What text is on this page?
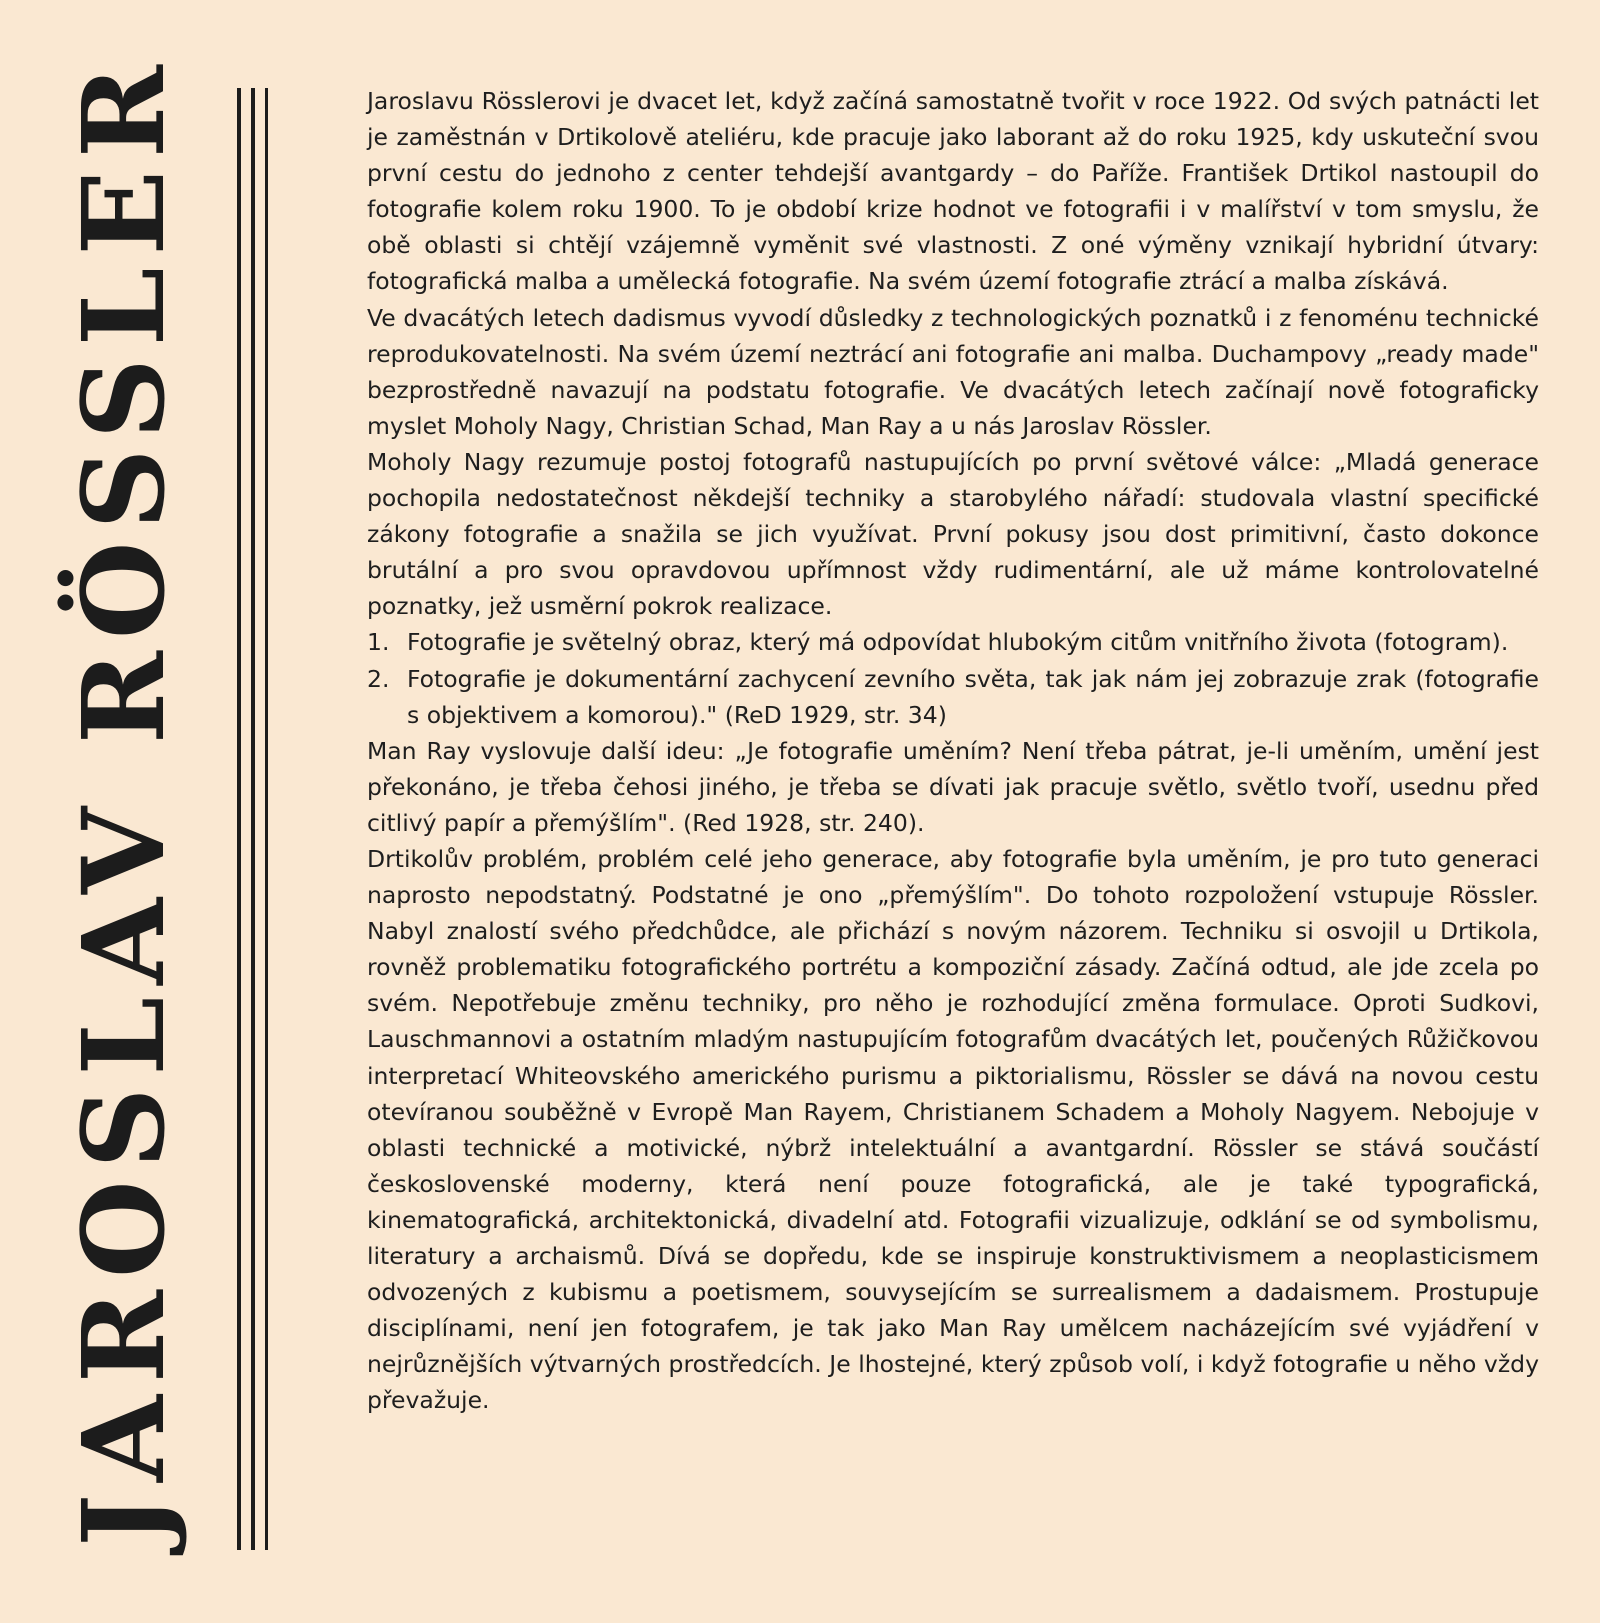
JAROSLAV RÖSSLER	Jaroslavu Rösslerovi je dvacet let, když začíná samostatně tvořit v roce 1922. Od svých patnácti let je zaměstnán v Drtikolově ateliéru, kde pracuje jako laborant až do roku 1925, kdy uskuteční svou první cestu do jednoho z center tehdejší avantgardy – do Paříže. František Drtikol nastoupil do fotografie kolem roku 1900. To je období krize hodnot ve fotografii i v malířství v tom smyslu, že obě oblasti si chtějí vzájemně vyměnit své vlastnosti. Z oné výměny vznikají hybridní útvary: fotografická malba a umělecká fotografie. Na svém území fotografie ztrácí a malba získává.

Ve dvacátých letech dadismus vyvodí důsledky z technologických poznatků i z fenoménu technické reprodukovatelnosti. Na svém území neztrácí ani fotografie ani malba. Duchampovy „ready made" bezprostředně navazují na podstatu fotografie. Ve dvacátých letech začínají nově fotograficky myslet Moholy Nagy, Christian Schad, Man Ray a u nás Jaroslav Rössler.

Moholy Nagy rezumuje postoj fotografů nastupujících po první světové válce: „Mladá generace pochopila nedostatečnost někdejší techniky a starobylého nářadí: studovala vlastní specifické zákony fotografie a snažila se jich využívat. První pokusy jsou dost primitivní, často dokonce brutální a pro svou opravdovou upřímnost vždy rudimentární, ale už máme kontrolovatelné poznatky, jež usměrní pokrok realizace.

1. Fotografie je světelný obraz, který má odpovídat hlubokým citům vnitřního života (fotogram).
2. Fotografie je dokumentární zachycení zevního světa, tak jak nám jej zobrazuje zrak (fotografie s objektivem a komorou)." (ReD 1929, str. 34)

Man Ray vyslovuje další ideu: „Je fotografie uměním? Není třeba pátrat, je-li uměním, umění jest překonáno, je třeba čehosi jiného, je třeba se dívati jak pracuje světlo, světlo tvoří, usednu před citlivý papír a přemýšlím". (Red 1928, str. 240).

Drtikolův problém, problém celé jeho generace, aby fotografie byla uměním, je pro tuto generaci naprosto nepodstatný. Podstatné je ono „přemýšlím". Do tohoto rozpoložení vstupuje Rössler. Nabyl znalostí svého předchůdce, ale přichází s novým názorem. Techniku si osvojil u Drtikola, rovněž problematiku fotografického portrétu a kompoziční zásady. Začíná odtud, ale jde zcela po svém. Nepotřebuje změnu techniky, pro něho je rozhodující změna formulace. Oproti Sudkovi, Lauschmannovi a ostatním mladým nastupujícím fotografům dvacátých let, poučených Růžičkovou interpretací Whiteovského amerického purismu a piktorialismu, Rössler se dává na novou cestu otevíranou souběžně v Evropě Man Rayem, Christianem Schadem a Moholy Nagyem. Nebojuje v oblasti technické a motivické, nýbrž intelektuální a avantgardní. Rössler se stává součástí československé moderny, která není pouze fotografická, ale je také typografická, kinematografická, architektonická, divadelní atd. Fotografii vizualizuje, odklání se od symbolismu, literatury a archaismů. Dívá se dopředu, kde se inspiruje konstruktivismem a neoplasticismem odvozených z kubismu a poetismem, souvysejícím se surrealismem a dadaismem. Prostupuje disciplínami, není jen fotografem, je tak jako Man Ray umělcem nacházejícím své vyjádření v nejrůznějších výtvarných prostředcích. Je lhostejné, který způsob volí, i když fotografie u něho vždy převažuje.
